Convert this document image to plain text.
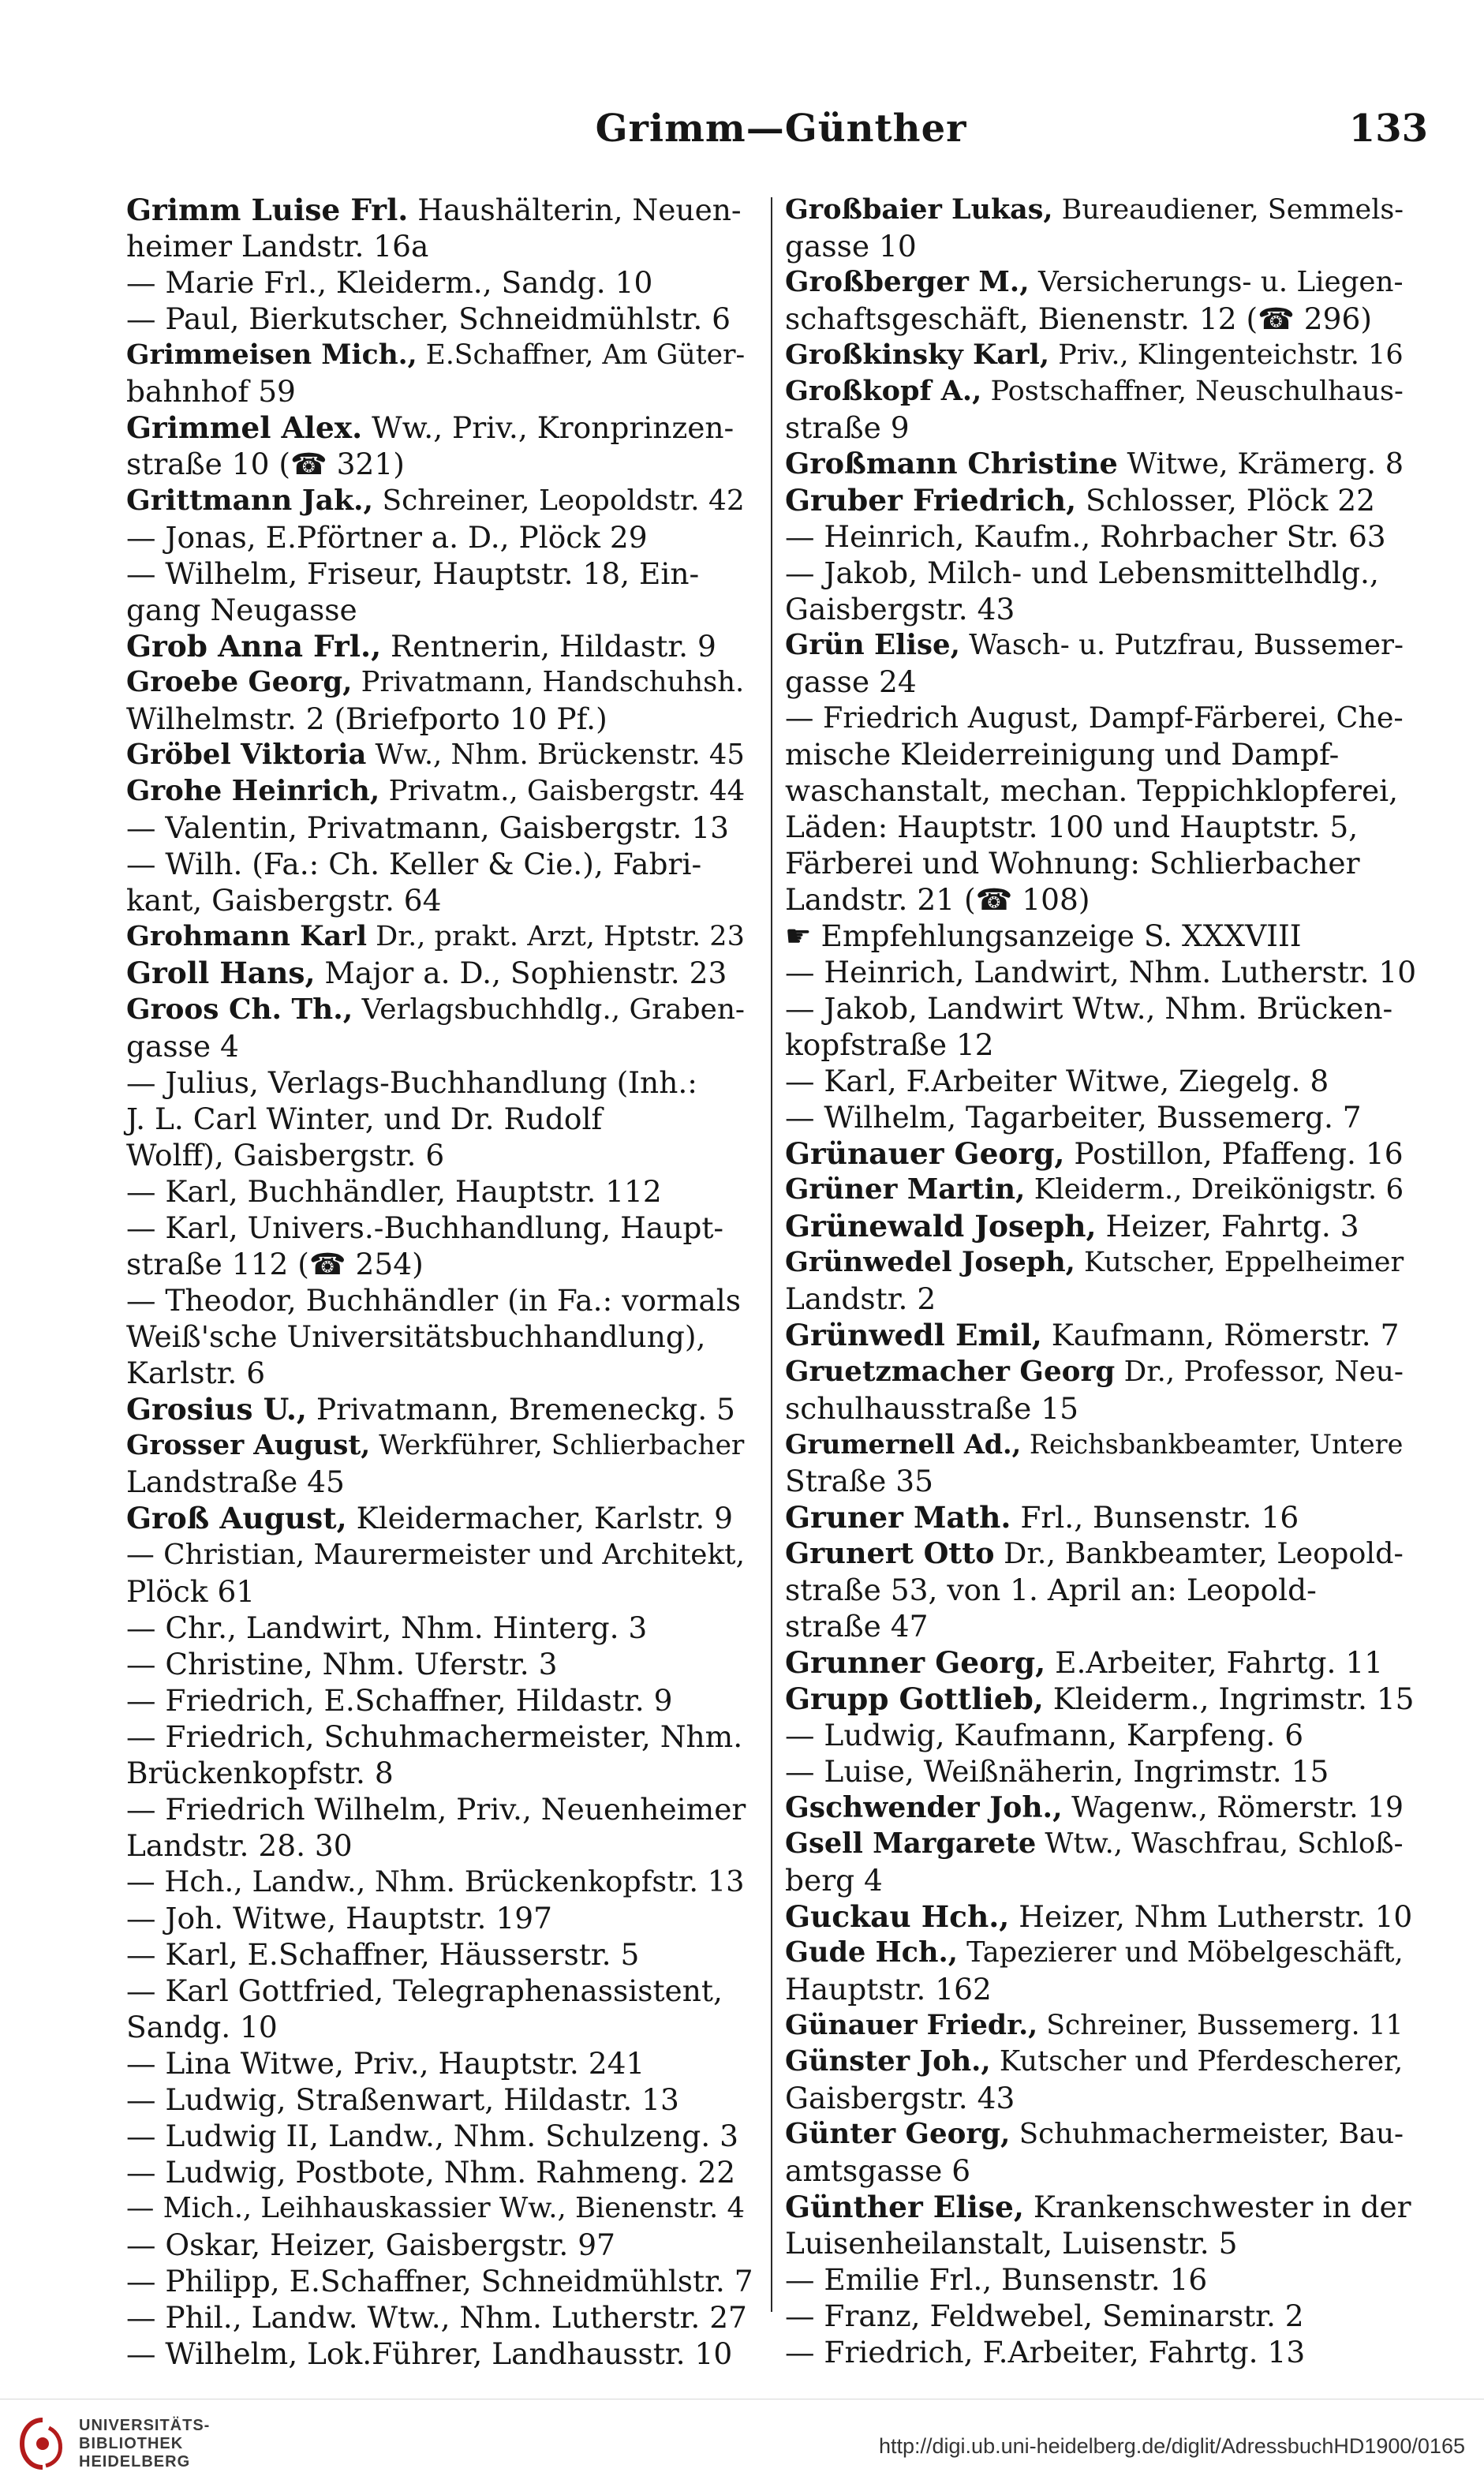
Grimm—Günther	133
Grimm Luise Frl. Haushälterin, Neuen-
heimer Landstr. 16a
— Marie Frl., Kleiderm., Sandg. 10
— Paul, Bierkutscher, Schneidmühlstr. 6
Grimmeisen Mich., E.Schaffner, Am Güter-
bahnhof 59
Grimmel Alex. Ww., Priv., Kronprinzen-
straße 10 (☎ 321)
Grittmann Jak., Schreiner, Leopoldstr. 42
— Jonas, E.Pförtner a. D., Plöck 29
— Wilhelm, Friseur, Hauptstr. 18, Ein-
gang Neugasse
Grob Anna Frl., Rentnerin, Hildastr. 9
Groebe Georg, Privatmann, Handschuhsh.
Wilhelmstr. 2 (Briefporto 10 Pf.)
Gröbel Viktoria Ww., Nhm. Brückenstr. 45
Grohe Heinrich, Privatm., Gaisbergstr. 44
— Valentin, Privatmann, Gaisbergstr. 13
— Wilh. (Fa.: Ch. Keller & Cie.), Fabri-
kant, Gaisbergstr. 64
Grohmann Karl Dr., prakt. Arzt, Hptstr. 23
Groll Hans, Major a. D., Sophienstr. 23
Groos Ch. Th., Verlagsbuchhdlg., Graben-
gasse 4
— Julius, Verlags-Buchhandlung (Inh.:
J. L. Carl Winter, und Dr. Rudolf
Wolff), Gaisbergstr. 6
— Karl, Buchhändler, Hauptstr. 112
— Karl, Univers.-Buchhandlung, Haupt-
straße 112 (☎ 254)
— Theodor, Buchhändler (in Fa.: vormals
Weiß'sche Universitätsbuchhandlung),
Karlstr. 6
Grosius U., Privatmann, Bremeneckg. 5
Grosser August, Werkführer, Schlierbacher
Landstraße 45
Groß August, Kleidermacher, Karlstr. 9
— Christian, Maurermeister und Architekt,
Plöck 61
— Chr., Landwirt, Nhm. Hinterg. 3
— Christine, Nhm. Uferstr. 3
— Friedrich, E.Schaffner, Hildastr. 9
— Friedrich, Schuhmachermeister, Nhm.
Brückenkopfstr. 8
— Friedrich Wilhelm, Priv., Neuenheimer
Landstr. 28. 30
— Hch., Landw., Nhm. Brückenkopfstr. 13
— Joh. Witwe, Hauptstr. 197
— Karl, E.Schaffner, Häusserstr. 5
— Karl Gottfried, Telegraphenassistent,
Sandg. 10
— Lina Witwe, Priv., Hauptstr. 241
— Ludwig, Straßenwart, Hildastr. 13
— Ludwig II, Landw., Nhm. Schulzeng. 3
— Ludwig, Postbote, Nhm. Rahmeng. 22
— Mich., Leihhauskassier Ww., Bienenstr. 4
— Oskar, Heizer, Gaisbergstr. 97
— Philipp, E.Schaffner, Schneidmühlstr. 7
— Phil., Landw. Wtw., Nhm. Lutherstr. 27
— Wilhelm, Lok.Führer, Landhausstr. 10
Großbaier Lukas, Bureaudiener, Semmels-
gasse 10
Großberger M., Versicherungs- u. Liegen-
schaftsgeschäft, Bienenstr. 12 (☎ 296)
Großkinsky Karl, Priv., Klingenteichstr. 16
Großkopf A., Postschaffner, Neuschulhaus-
straße 9
Großmann Christine Witwe, Krämerg. 8
Gruber Friedrich, Schlosser, Plöck 22
— Heinrich, Kaufm., Rohrbacher Str. 63
— Jakob, Milch- und Lebensmittelhdlg.,
Gaisbergstr. 43
Grün Elise, Wasch- u. Putzfrau, Bussemer-
gasse 24
— Friedrich August, Dampf-Färberei, Che-
mische Kleiderreinigung und Dampf-
waschanstalt, mechan. Teppichklopferei,
Läden: Hauptstr. 100 und Hauptstr. 5,
Färberei und Wohnung: Schlierbacher
Landstr. 21 (☎ 108)
☛ Empfehlungsanzeige S. XXXVIII
— Heinrich, Landwirt, Nhm. Lutherstr. 10
— Jakob, Landwirt Wtw., Nhm. Brücken-
kopfstraße 12
— Karl, F.Arbeiter Witwe, Ziegelg. 8
— Wilhelm, Tagarbeiter, Bussemerg. 7
Grünauer Georg, Postillon, Pfaffeng. 16
Grüner Martin, Kleiderm., Dreikönigstr. 6
Grünewald Joseph, Heizer, Fahrtg. 3
Grünwedel Joseph, Kutscher, Eppelheimer
Landstr. 2
Grünwedl Emil, Kaufmann, Römerstr. 7
Gruetzmacher Georg Dr., Professor, Neu-
schulhausstraße 15
Grumernell Ad., Reichsbankbeamter, Untere
Straße 35
Gruner Math. Frl., Bunsenstr. 16
Grunert Otto Dr., Bankbeamter, Leopold-
straße 53, von 1. April an: Leopold-
straße 47
Grunner Georg, E.Arbeiter, Fahrtg. 11
Grupp Gottlieb, Kleiderm., Ingrimstr. 15
— Ludwig, Kaufmann, Karpfeng. 6
— Luise, Weißnäherin, Ingrimstr. 15
Gschwender Joh., Wagenw., Römerstr. 19
Gsell Margarete Wtw., Waschfrau, Schloß-
berg 4
Guckau Hch., Heizer, Nhm Lutherstr. 10
Gude Hch., Tapezierer und Möbelgeschäft,
Hauptstr. 162
Günauer Friedr., Schreiner, Bussemerg. 11
Günster Joh., Kutscher und Pferdescherer,
Gaisbergstr. 43
Günter Georg, Schuhmachermeister, Bau-
amtsgasse 6
Günther Elise, Krankenschwester in der
Luisenheilanstalt, Luisenstr. 5
— Emilie Frl., Bunsenstr. 16
— Franz, Feldwebel, Seminarstr. 2
— Friedrich, F.Arbeiter, Fahrtg. 13
UNIVERSITÄTS-
BIBLIOTHEK
HEIDELBERG
http://digi.ub.uni-heidelberg.de/diglit/AdressbuchHD1900/0165
